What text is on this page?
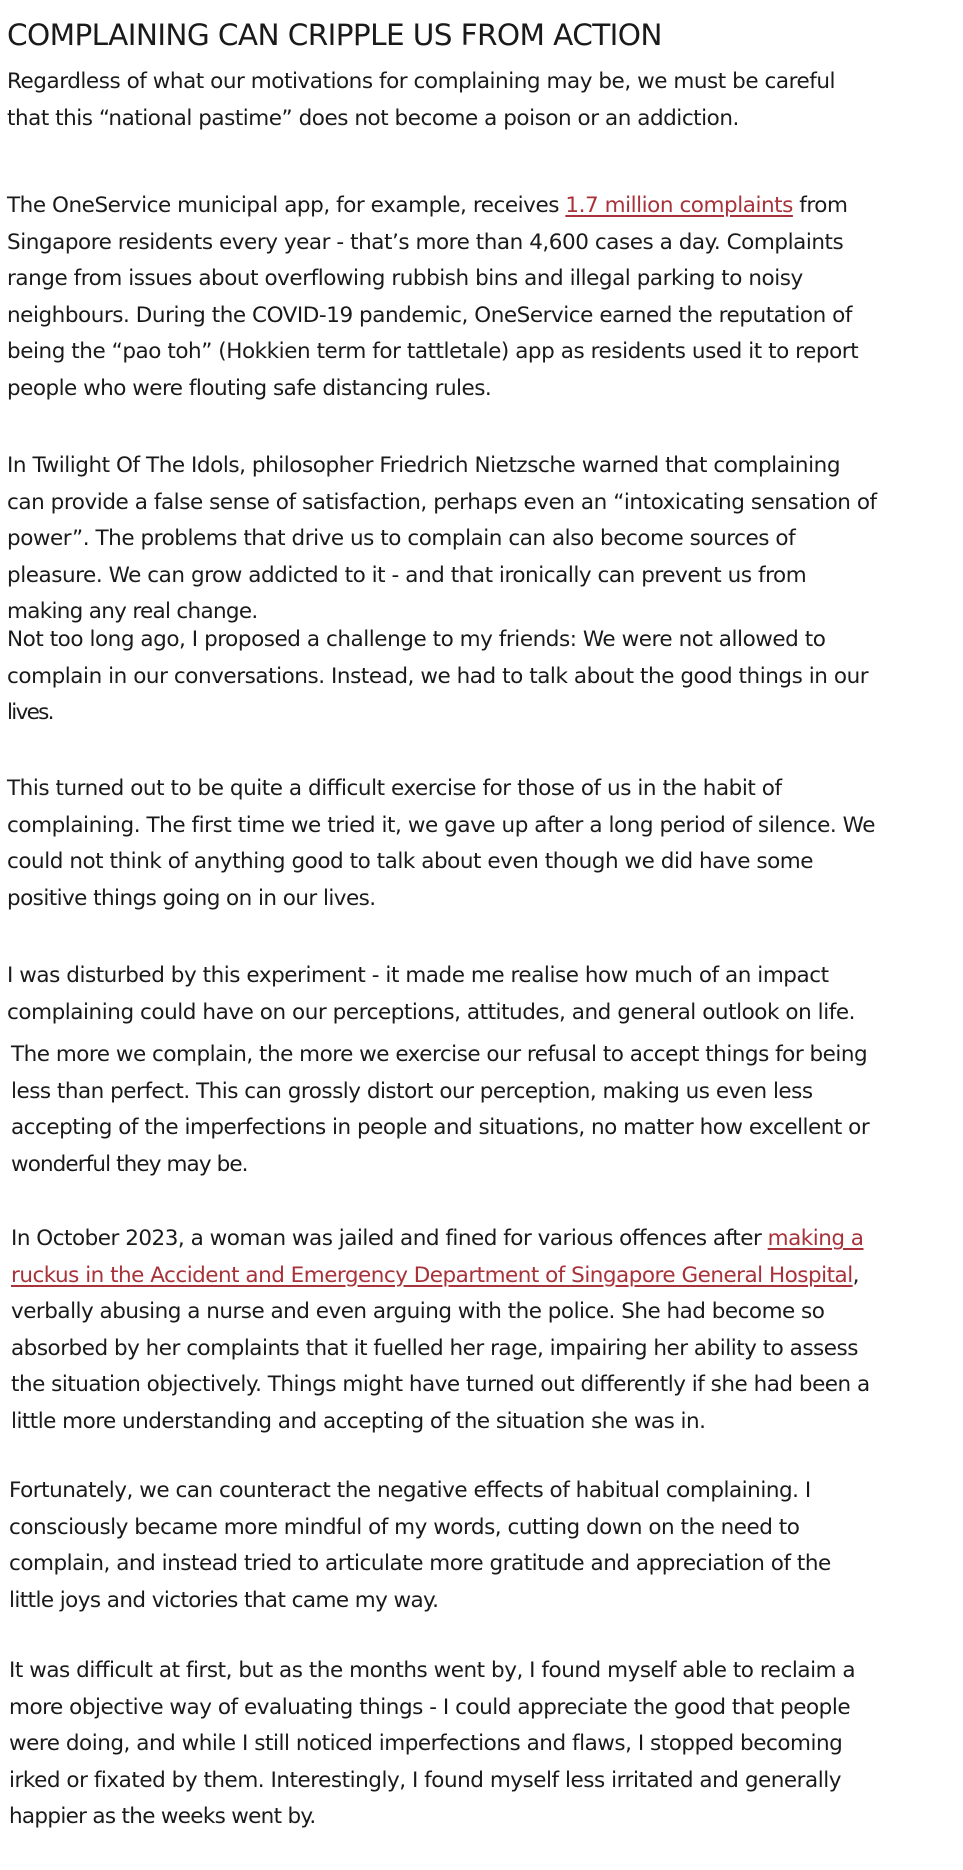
COMPLAINING CAN CRIPPLE US FROM ACTION

Regardless of what our motivations for complaining may be, we must be careful
that this “national pastime” does not become a poison or an addiction.

The OneService municipal app, for example, receives 1.7 million complaints from
Singapore residents every year - that’s more than 4,600 cases a day. Complaints
range from issues about overflowing rubbish bins and illegal parking to noisy
neighbours. During the COVID-19 pandemic, OneService earned the reputation of
being the “pao toh” (Hokkien term for tattletale) app as residents used it to report
people who were flouting safe distancing rules.

In Twilight Of The Idols, philosopher Friedrich Nietzsche warned that complaining
can provide a false sense of satisfaction, perhaps even an “intoxicating sensation of
power”. The problems that drive us to complain can also become sources of
pleasure. We can grow addicted to it - and that ironically can prevent us from
making any real change.

Not too long ago, I proposed a challenge to my friends: We were not allowed to
complain in our conversations. Instead, we had to talk about the good things in our
lives.

This turned out to be quite a difficult exercise for those of us in the habit of
complaining. The first time we tried it, we gave up after a long period of silence. We
could not think of anything good to talk about even though we did have some
positive things going on in our lives.

I was disturbed by this experiment - it made me realise how much of an impact
complaining could have on our perceptions, attitudes, and general outlook on life.

The more we complain, the more we exercise our refusal to accept things for being
less than perfect. This can grossly distort our perception, making us even less
accepting of the imperfections in people and situations, no matter how excellent or
wonderful they may be.

In October 2023, a woman was jailed and fined for various offences after making a
ruckus in the Accident and Emergency Department of Singapore General Hospital,
verbally abusing a nurse and even arguing with the police. She had become so
absorbed by her complaints that it fuelled her rage, impairing her ability to assess
the situation objectively. Things might have turned out differently if she had been a
little more understanding and accepting of the situation she was in.

Fortunately, we can counteract the negative effects of habitual complaining. I
consciously became more mindful of my words, cutting down on the need to
complain, and instead tried to articulate more gratitude and appreciation of the
little joys and victories that came my way.

It was difficult at first, but as the months went by, I found myself able to reclaim a
more objective way of evaluating things - I could appreciate the good that people
were doing, and while I still noticed imperfections and flaws, I stopped becoming
irked or fixated by them. Interestingly, I found myself less irritated and generally
happier as the weeks went by.
